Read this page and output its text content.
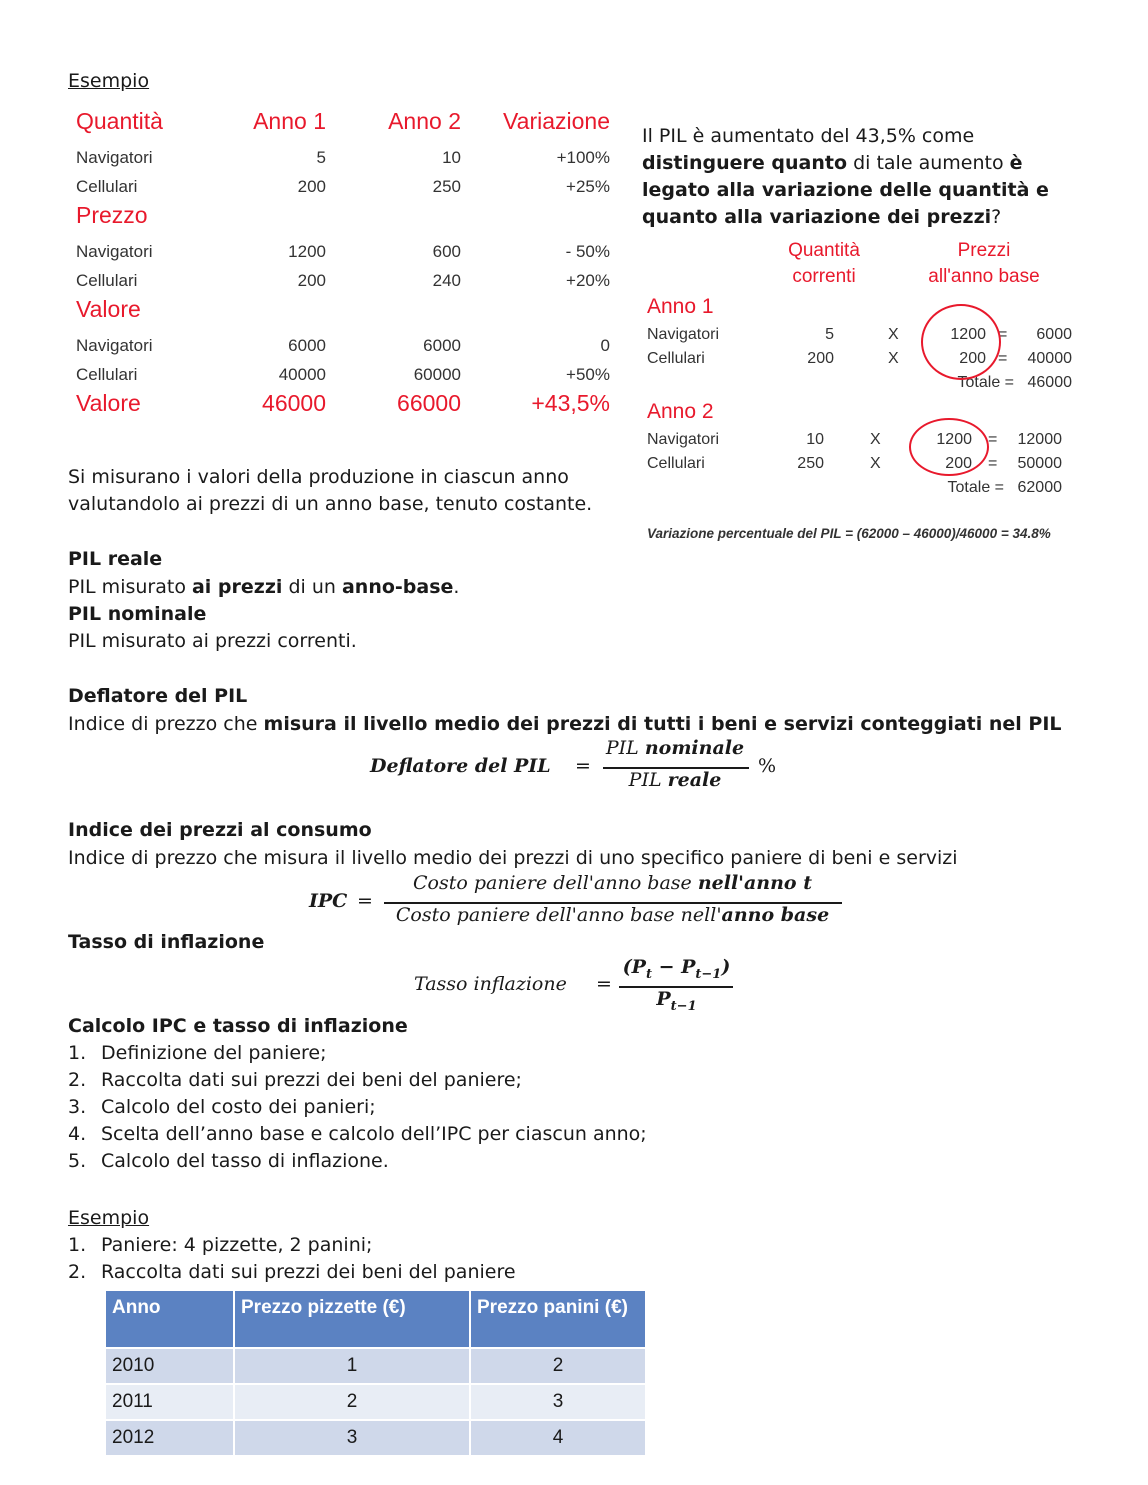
Esempio
Quantità	Anno 1	Anno 2 Variazione
Navigatori	5	10	+100%
Cellulari	200	250	+25%
Prezzo
Navigatori	1200	600	- 50%
Cellulari	200	240	+20%
Valore
Navigatori	6000	6000	0
Cellulari	40000	60000	+50%
Valore	46000	66000	+43,5%
Il PIL è aumentato del 43,5% come distinguere quanto di tale aumento è legato alla variazione delle quantità e quanto alla variazione dei prezzi?
Quantità
correnti
Prezzi
all'anno base
Anno 1
Navigatori	5	X	1200 =	6000
Cellulari	200	X	200 =	40000
Totale = 46000
Anno 2
Navigatori	10	X	1200 =	12000
Cellulari	250	X	200 =	50000
Totale = 62000
Variazione percentuale del PIL = (62000 – 46000)/46000 = 34.8%
Si misurano i valori della produzione in ciascun anno
valutandolo ai prezzi di un anno base, tenuto costante.
PIL reale
PIL misurato ai prezzi di un anno-base.
PIL nominale
PIL misurato ai prezzi correnti.
Deflatore del PIL
Indice di prezzo che misura il livello medio dei prezzi di tutti i beni e servizi conteggiati nel PIL
Deflatore del PIL =
PIL nominale
PIL reale
%
Indice dei prezzi al consumo
Indice di prezzo che misura il livello medio dei prezzi di uno specifico paniere di beni e servizi
IPC =
Costo paniere dell'anno base nell'anno t
Costo paniere dell'anno base nell'anno base
Tasso di inflazione
Tasso inflazione =
$(P_t - P_{t-1})$
$P_{t-1}$
Calcolo IPC e tasso di inflazione
1. Definizione del paniere;
2. Raccolta dati sui prezzi dei beni del paniere;
3. Calcolo del costo dei panieri;
4. Scelta dell’anno base e calcolo dell’IPC per ciascun anno;
5. Calcolo del tasso di inflazione.
Esempio
1. Paniere: 4 pizzette, 2 panini;
2. Raccolta dati sui prezzi dei beni del paniere
Anno	Prezzo pizzette (€)	Prezzo panini (€)
2010	1	2
2011	2	3
2012	3	4
